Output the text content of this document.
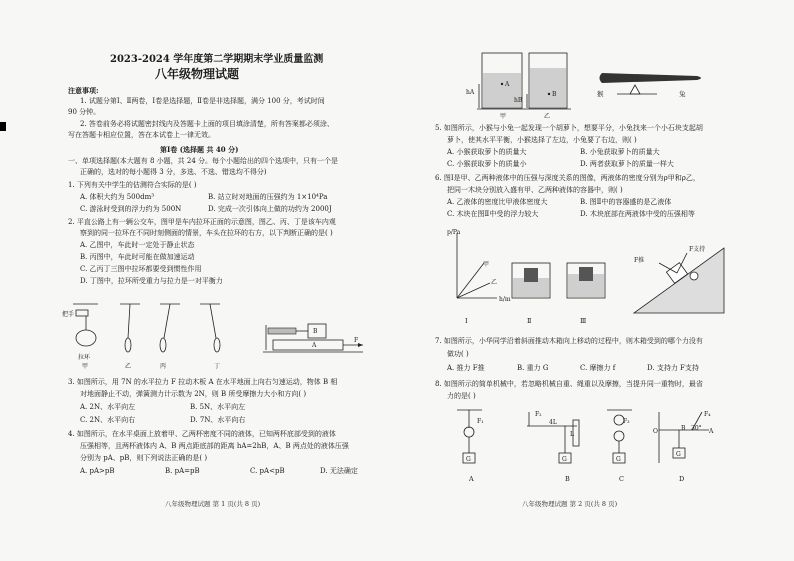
2023-2024 学年度第二学期期末学业质量监测
八年级物理试题
注意事项:
1. 试题分第Ⅰ、Ⅱ两卷，Ⅰ卷是选择题，Ⅱ卷是非选择题，满分 100 分，考试时间
90 分钟。
2. 答卷前务必将试题密封线内及答题卡上面的项目填涂清楚，所有答案都必须涂、
写在答题卡相应位置，答在本试卷上一律无效。
第Ⅰ卷 (选择题 共 40 分)
一、单项选择题(本大题有 8 小题，共 24 分。每个小题给出的四个选项中，只有一个是
正确的，选对的每小题得 3 分，多选、不选、错选均不得分)
1. 下列有关中学生的估测符合实际的是( )
A. 体积大约为 500dm³	B. 站立时对地面的压强约为 1×10⁴Pa
C. 游泳时受到的浮力约为 500N	D. 完成一次引体向上做的功约为 2000J
2. 平直公路上有一辆公交车，图甲是车内拉环正面的示意图，图乙、丙、丁是该车内观
察到的同一拉环在不同时刻侧面的情景，车头在拉环的右方，以下判断正确的是( )
A. 乙图中，车此时一定处于静止状态
B. 丙图中，车此时可能在做加速运动
C. 乙丙丁三图中拉环都要受到惯性作用
D. 丁图中，拉环所受重力与拉力是一对平衡力
把手
拉环
甲	乙	丙	丁
B
A
F
3. 如图所示，用 7N 的水平拉力 F 拉动木板 A 在水平地面上向右匀速运动，物体 B 相
对地面静止不动，弹簧测力计示数为 2N，则 B 所受摩擦力大小和方向( )
A. 2N、水平向左	B. 5N、水平向左
C. 2N、水平向右	D. 7N、水平向右
4. 如图所示，在水平桌面上放着甲、乙两杯密度不同的液体，已知两杯底部受到的液体
压强相等，且两杯液体内 A、B 两点距底部的距离 hA=2hB，A、B 两点处的液体压强
分别为 pA、pB，则下列说法正确的是( )
A. pA>pB	B. pA=pB	C. pA<pB	D. 无法确定
八年级物理试题 第 1 页(共 8 页)
hA
hB
A
B
甲	乙
猴	兔
5. 如图所示，小猴与小兔一起发现一个胡萝卜，想要平分，小兔找来一个小石块支起胡
萝卜，使其水平平衡，小猴选择了左边，小兔要了右边，则( )
A. 小猴获取萝卜的质量大	B. 小兔获取萝卜的质量大
C. 小猴获取萝卜的质量小	D. 两者获取萝卜的质量一样大
6. 图Ⅰ是甲、乙两种液体中的压强与深度关系的图像，两液体的密度分别为ρ甲和ρ乙，
把同一木块分别放入盛有甲、乙两种液体的容器中，则( )
A. 乙液体的密度比甲液体密度大	B. 图Ⅱ中的容器盛的是乙液体
C. 木块在图Ⅱ中受的浮力较大	D. 木块底部在两液体中受的压强相等
p/Pa
h/m
甲
乙
Ⅰ	Ⅱ	Ⅲ
F推
F支持
7. 如图所示，小华同学沿着斜面推动木箱向上移动的过程中，则木箱受到的哪个力没有
做功( )
A. 推力 F推	B. 重力 G	C. 摩擦力 f	D. 支持力 F支持
8. 如图所示的简单机械中，若忽略机械自重、绳重以及摩擦，当提升同一重物时，最省
力的是( )
F₁
F₂
F₃
F₄
4L
L	O	B 30° A
G	G	G
G
A	B	C	D
八年级物理试题 第 2 页(共 8 页)
